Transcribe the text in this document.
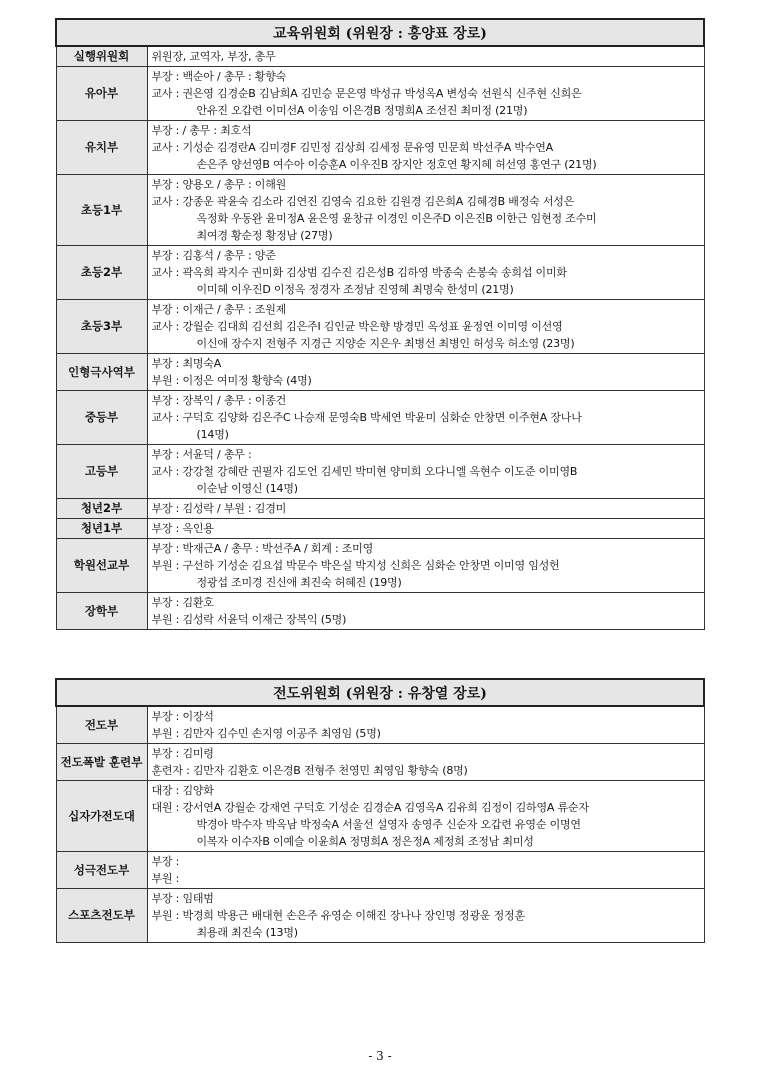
교육위원회 (위원장 : 홍양표 장로)	
실행위원회	위원장, 교역자, 부장, 총무

유아부	부장 : 백순아 / 총무 : 황향숙
교사 : 권은영 김경순B 김남희A 김민승 문은영 박성규 박성옥A 변성숙 선원식 신주현 신희은
안유진 오갑련 이미선A 이송임 이은경B 정명희A 조선진 최미정 (21명)

유치부	부장 : / 총무 : 최호석
교사 : 기성순 김경란A 김미경F 김민정 김상희 김세정 문유영 민문희 박선주A 박수연A
손은주 양선영B 여수아 이승훈A 이우진B 장지안 정호연 황지혜 허선영 홍연구 (21명)

초등1부	부장 : 양용오 / 총무 : 이해원
교사 : 강종운 곽윤숙 김소라 김연진 김영숙 김요한 김원경 김은희A 김혜경B 배정숙 서성은
옥정화 우동완 윤미정A 윤은영 윤창규 이경인 이은주D 이은진B 이한근 임현정 조수미
최여경 황순정 황정남 (27명)

초등2부	부장 : 김홍석 / 총무 : 양준
교사 : 곽옥희 곽지수 권미화 김상범 김수진 김은성B 김하영 박종숙 손봉숙 송희섭 이미화
이미혜 이우진D 이정옥 정경자 조정남 진영혜 최명숙 한성미 (21명)

초등3부	부장 : 이재근 / 총무 : 조원제
교사 : 강월순 김대희 김선희 김은주I 김인균 박은향 방경민 옥성표 윤정연 이미영 이선영
이신애 장수지 전형주 지경근 지양순 지은우 최병선 최병인 허성욱 허소영 (23명)

인형극사역부	부장 : 최명숙A
부원 : 이정은 여미정 황향숙 (4명)

중등부	부장 : 장복익 / 총무 : 이종건
교사 : 구덕호 김양화 김은주C 나승재 문영숙B 박세연 박윤미 심화순 안창면 이주현A 장나나
(14명)

고등부	부장 : 서윤덕 / 총무 :
교사 : 강강철 강혜란 권필자 김도언 김세민 박미현 양미희 오다니엘 옥현수 이도준 이미영B
이순남 이영신 (14명)

청년2부	부장 : 김성락 / 부원 : 김경미

청년1부	부장 : 옥인용

학원선교부	부장 : 박재근A / 총무 : 박선주A / 회계 : 조미영
부원 : 구선하 기성순 김요섭 박문수 박은실 박지성 신희은 심화순 안창면 이미영 임성헌
정광섭 조미경 진신애 최진숙 허혜진 (19명)

장학부	부장 : 김환호
부원 : 김성락 서윤덕 이재근 장복익 (5명)
전도위원회 (위원장 : 유창열 장로)	
전도부	부장 : 이장석
부원 : 김만자 김수민 손지영 이공주 최영임 (5명)

전도폭발 훈련부	부장 : 김미령
훈련자 : 김만자 김환호 이은경B 전형주 천영민 최영임 황향숙 (8명)

십자가전도대	대장 : 김양화
대원 : 강서연A 강월순 강재연 구덕호 기성순 김경순A 김영옥A 김유희 김정이 김하영A 류순자
박경아 박수자 박옥남 박정숙A 서울선 설영자 송영주 신순자 오갑련 유영순 이명연
이복자 이수자B 이예슬 이윤희A 정명희A 정은정A 제정희 조정남 최미성

성극전도부	부장 :
부원 :

스포츠전도부	부장 : 임태범
부원 : 박경희 박용근 배대현 손은주 유영순 이해진 장나나 장인명 정광운 정정훈
최용래 최진숙 (13명)
- 3 -
